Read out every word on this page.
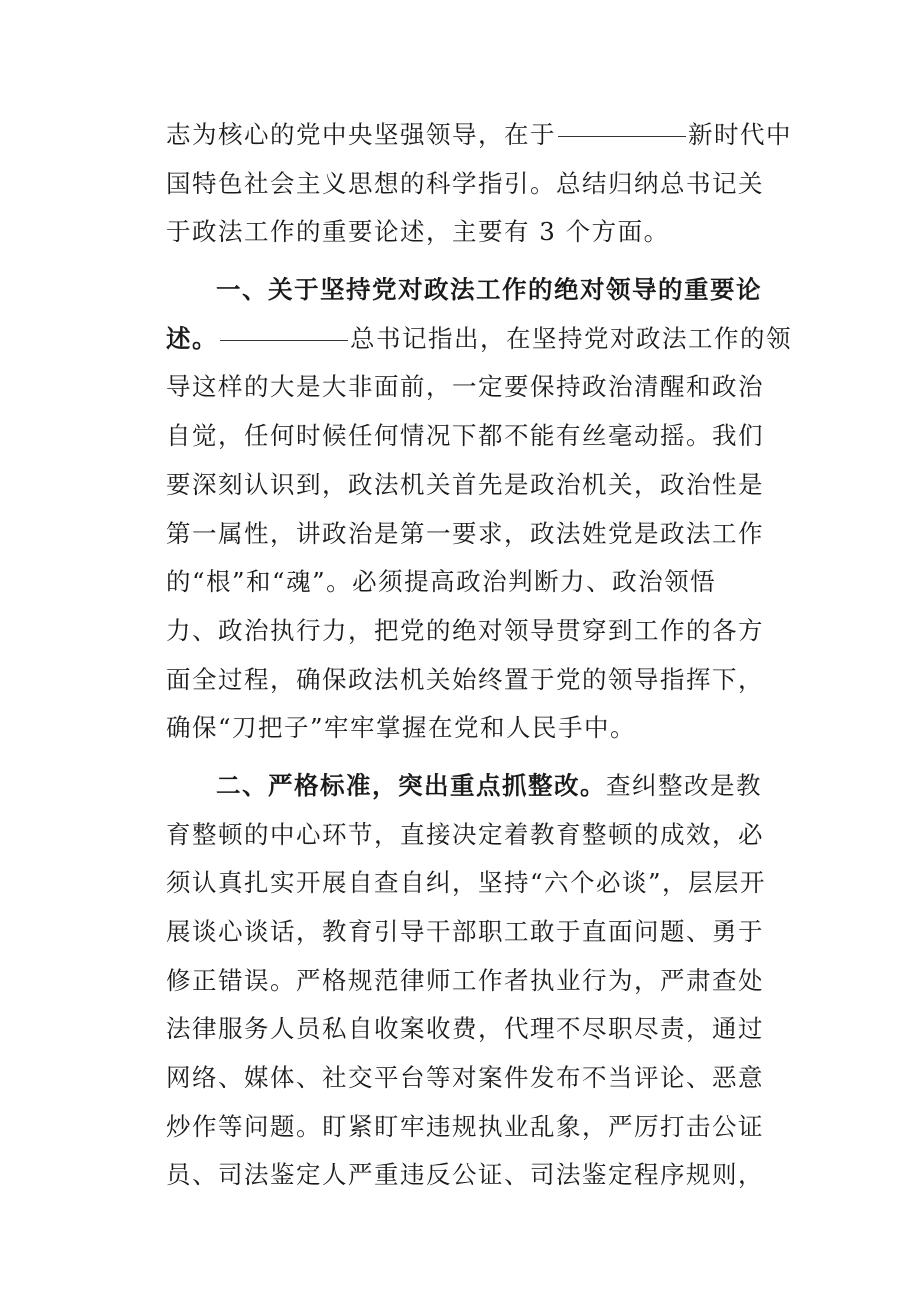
志为核心的党中央坚强领导，在于	新时代中
国特色社会主义思想的科学指引。总结归纳总书记关
于政法工作的重要论述，主要有 3 个方面。
一、关于坚持党对政法工作的绝对领导的重要论
述。	总书记指出，在坚持党对政法工作的领
导这样的大是大非面前，一定要保持政治清醒和政治
自觉，任何时候任何情况下都不能有丝毫动摇。我们
要深刻认识到，政法机关首先是政治机关，政治性是
第一属性，讲政治是第一要求，政法姓党是政法工作
的“根”和“魂”。必须提高政治判断力、政治领悟
力、政治执行力，把党的绝对领导贯穿到工作的各方
面全过程，确保政法机关始终置于党的领导指挥下，
确保“刀把子”牢牢掌握在党和人民手中。
二、严格标准，突出重点抓整改。查纠整改是教
育整顿的中心环节，直接决定着教育整顿的成效，必
须认真扎实开展自查自纠，坚持“六个必谈”，层层开
展谈心谈话，教育引导干部职工敢于直面问题、勇于
修正错误。严格规范律师工作者执业行为，严肃查处
法律服务人员私自收案收费，代理不尽职尽责，通过
网络、媒体、社交平台等对案件发布不当评论、恶意
炒作等问题。盯紧盯牢违规执业乱象，严厉打击公证
员、司法鉴定人严重违反公证、司法鉴定程序规则，
